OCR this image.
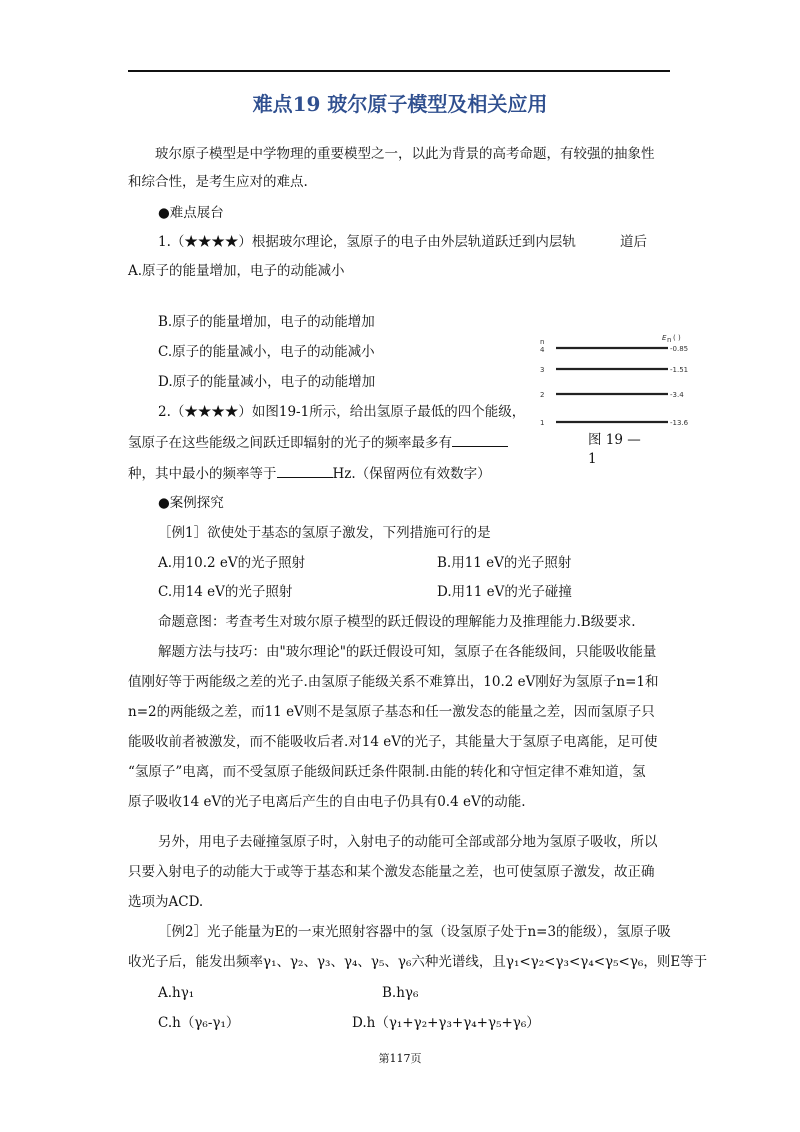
难点19 玻尔原子模型及相关应用
玻尔原子模型是中学物理的重要模型之一，以此为背景的高考命题，有较强的抽象性
和综合性，是考生应对的难点.
●难点展台
1.（★★★★）根据玻尔理论，氢原子的电子由外层轨道跃迁到内层轨	道后
A.原子的能量增加，电子的动能减小
B.原子的能量增加，电子的动能增加
C.原子的能量减小，电子的动能减小
D.原子的能量减小，电子的动能增加
2.（★★★★）如图19-1所示，给出氢原子最低的四个能级，
氢原子在这些能级之间跃迁即辐射的光子的频率最多有
种，其中最小的频率等于	Hz.（保留两位有效数字）
n	E n ( )
4	-0.85
3	-1.51
2	-3.4
1	-13.6
图 19 —
1
●案例探究
［例1］欲使处于基态的氢原子激发，下列措施可行的是
A.用10.2 eV的光子照射	B.用11 eV的光子照射
C.用14 eV的光子照射	D.用11 eV的光子碰撞
命题意图：考查考生对玻尔原子模型的跃迁假设的理解能力及推理能力.B级要求.
解题方法与技巧：由"玻尔理论"的跃迁假设可知，氢原子在各能级间，只能吸收能量
值刚好等于两能级之差的光子.由氢原子能级关系不难算出，10.2 eV刚好为氢原子n=1和
n=2的两能级之差，而11 eV则不是氢原子基态和任一激发态的能量之差，因而氢原子只
能吸收前者被激发，而不能吸收后者.对14 eV的光子，其能量大于氢原子电离能，足可使
“氢原子”电离，而不受氢原子能级间跃迁条件限制.由能的转化和守恒定律不难知道，氢
原子吸收14 eV的光子电离后产生的自由电子仍具有0.4 eV的动能.
另外，用电子去碰撞氢原子时，入射电子的动能可全部或部分地为氢原子吸收，所以
只要入射电子的动能大于或等于基态和某个激发态能量之差，也可使氢原子激发，故正确
选项为ACD.
［例2］光子能量为E的一束光照射容器中的氢（设氢原子处于n=3的能级），氢原子吸
收光子后，能发出频率γ₁、γ₂、γ₃、γ₄、γ₅、γ₆六种光谱线，且γ₁<γ₂<γ₃<γ₄<γ₅<γ₆，则E等于
A.hγ₁	B.hγ₆
C.h（γ₆-γ₁）	D.h（γ₁+γ₂+γ₃+γ₄+γ₅+γ₆）
第117页
